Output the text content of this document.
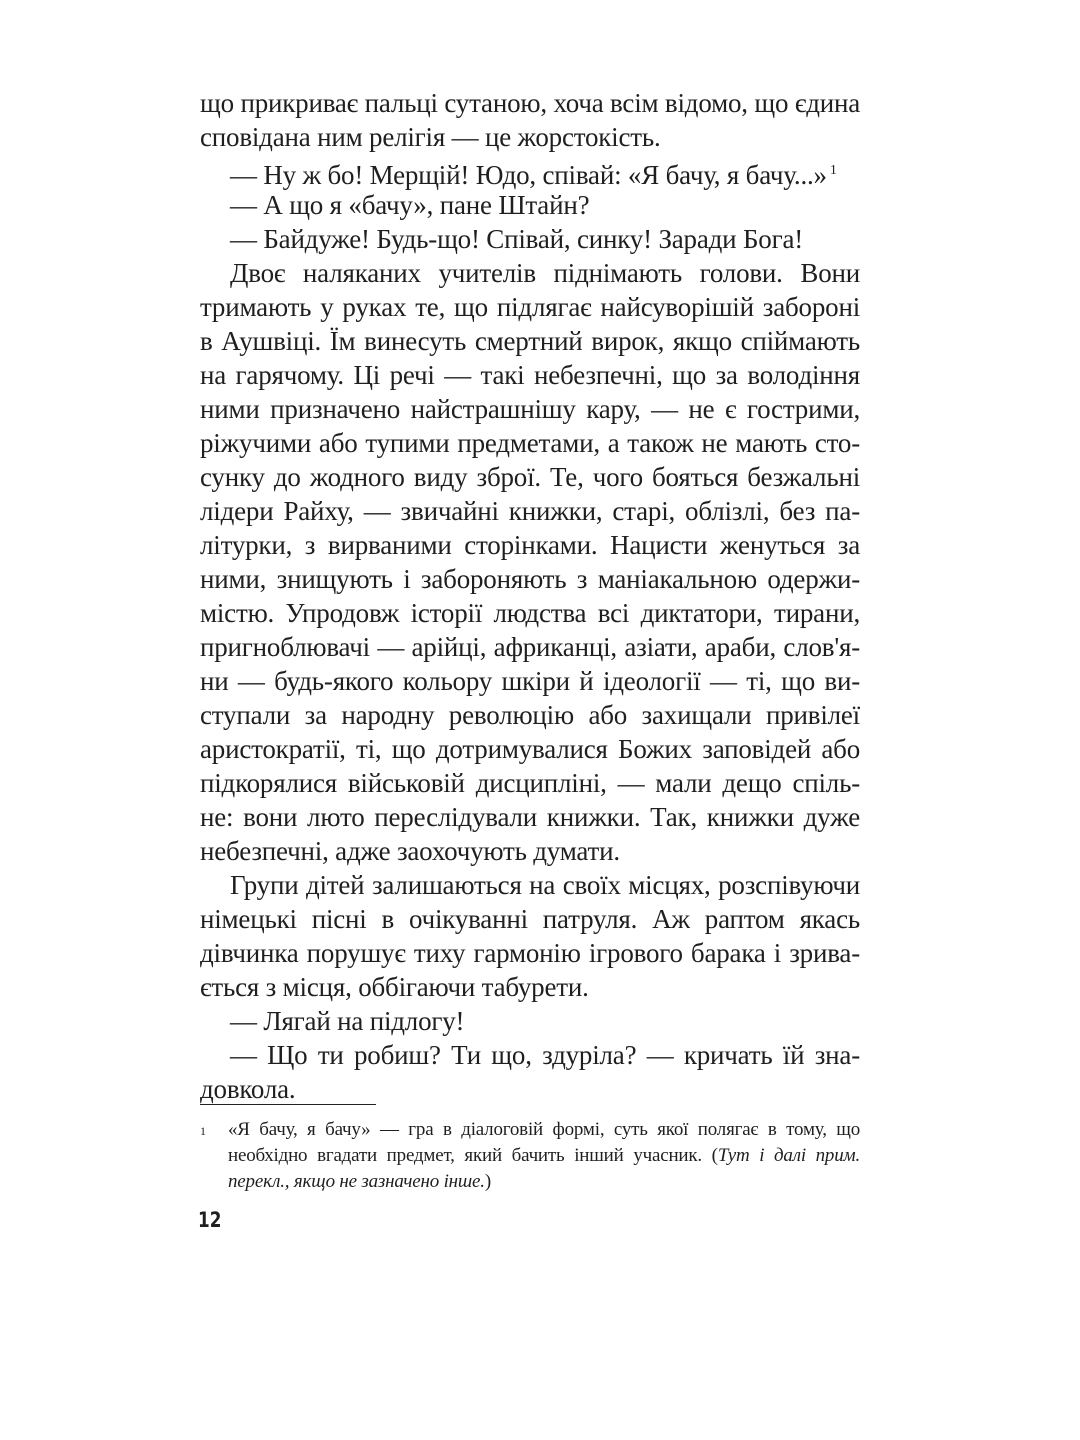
що прикриває пальці сутаною, хоча всім відомо, що єдина
сповідана ним релігія — це жорстокість.
— Ну ж бо! Мерщій! Юдо, співай: «Я бачу, я бачу...» $^1$
— А що я «бачу», пане Штайн?
— Байдуже! Будь-що! Співай, синку! Заради Бога!
Двоє наляканих учителів піднімають голови. Вони
тримають у руках те, що підлягає найсуворішій забороні
в Аушвіці. Їм винесуть смертний вирок, якщо спіймають
на гарячому. Ці речі — такі небезпечні, що за володіння
ними призначено найстрашнішу кару, — не є гострими,
ріжучими або тупими предметами, а також не мають сто-
сунку до жодного виду зброї. Те, чого бояться безжальні
лідери Райху, — звичайні книжки, старі, облізлі, без па-
літурки, з вирваними сторінками. Нацисти женуться за
ними, знищують і забороняють з маніакальною одержи-
містю. Упродовж історії людства всі диктатори, тирани,
пригноблювачі — арійці, африканці, азіати, араби, слов'я-
ни — будь-якого кольору шкіри й ідеології — ті, що ви-
ступали за народну революцію або захищали привілеї
аристократії, ті, що дотримувалися Божих заповідей або
підкорялися військовій дисципліні, — мали дещо спіль-
не: вони люто переслідували книжки. Так, книжки дуже
небезпечні, адже заохочують думати.
Групи дітей залишаються на своїх місцях, розспівуючи
німецькі пісні в очікуванні патруля. Аж раптом якась
дівчинка порушує тиху гармонію ігрового барака і зрива-
ється з місця, оббігаючи табурети.
— Лягай на підлогу!
— Що ти робиш? Ти що, здуріла? — кричать їй зна-
довкола.
1 «Я бачу, я бачу» — гра в діалоговій формі, суть якої полягає в тому, що
необхідно вгадати предмет, який бачить інший учасник. (Тут і далі прим.
перекл., якщо не зазначено інше.)
12
